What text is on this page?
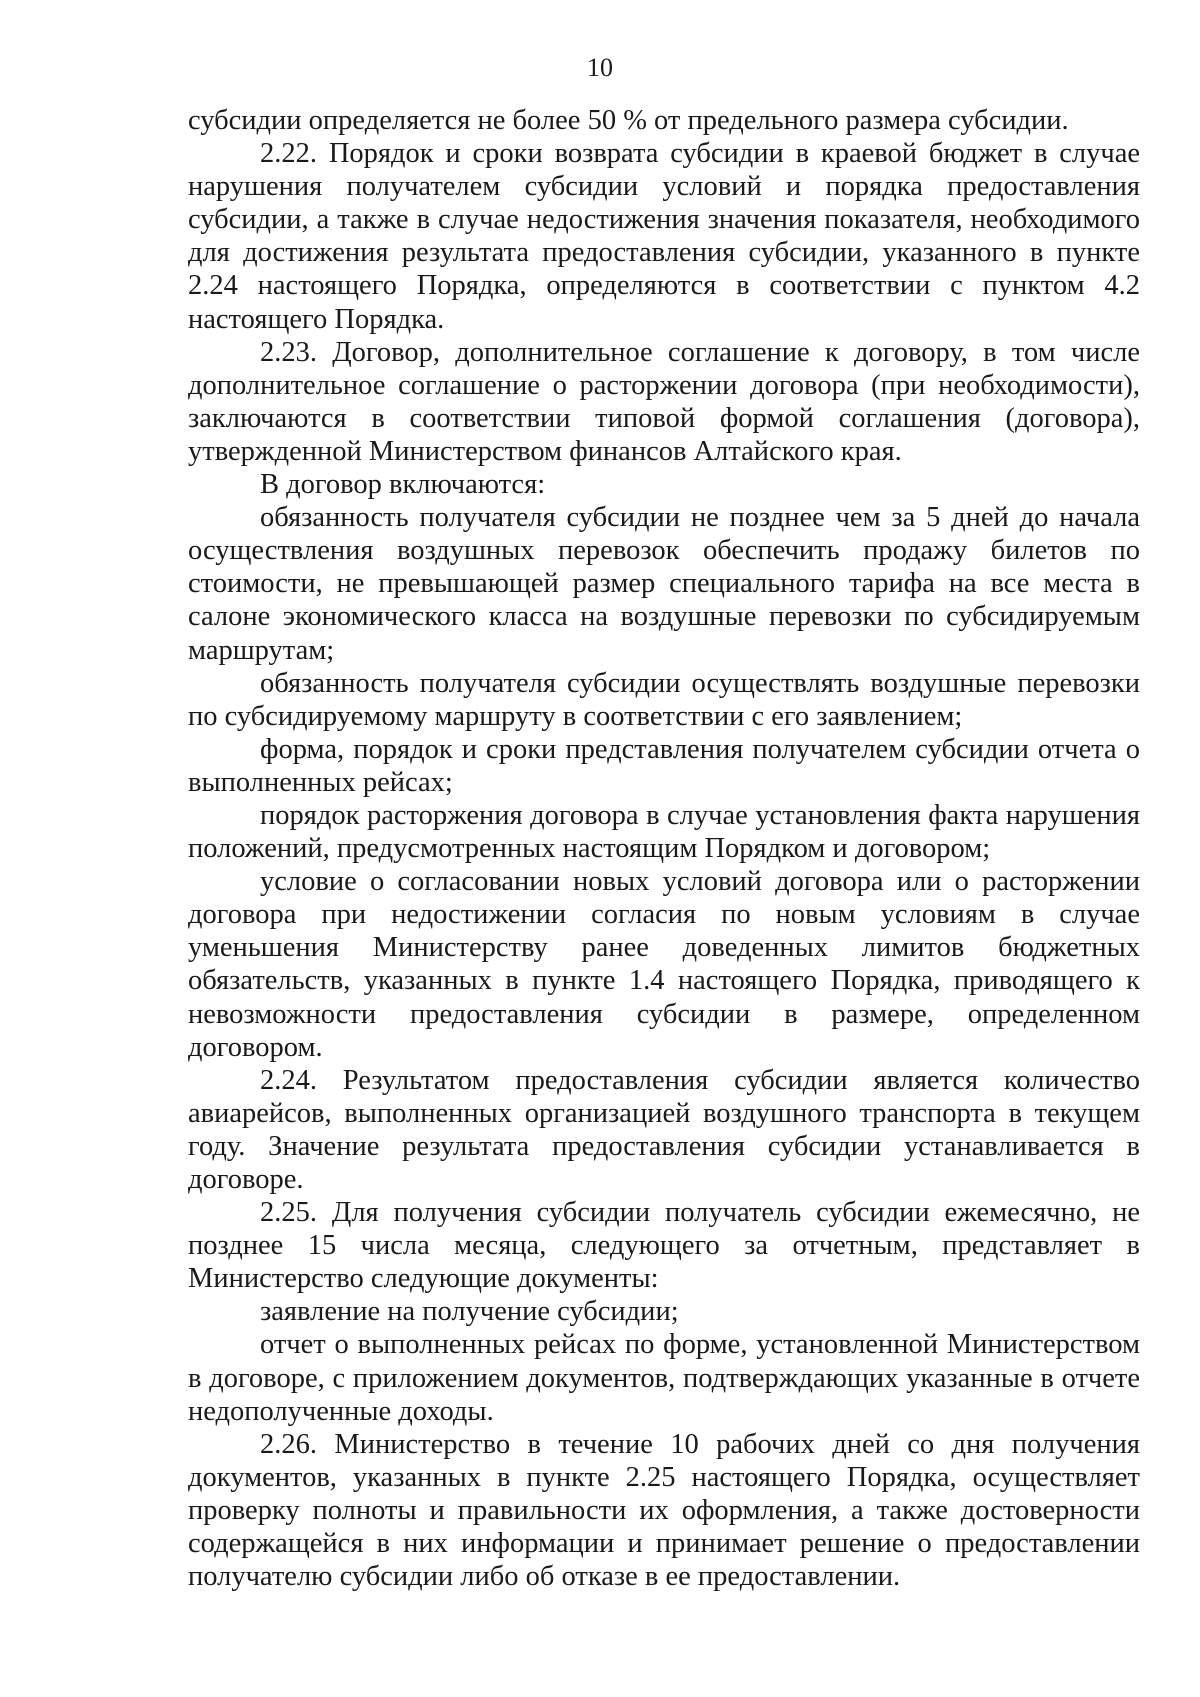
10

субсидии определяется не более 50 % от предельного размера субсидии.

2.22. Порядок и сроки возврата субсидии в краевой бюджет в случае нарушения получателем субсидии условий и порядка предоставления субсидии, а также в случае недостижения значения показателя, необходимого для достижения результата предоставления субсидии, указанного в пункте 2.24 настоящего Порядка, определяются в соответствии с пунктом 4.2 настоящего Порядка.

2.23. Договор, дополнительное соглашение к договору, в том числе дополнительное соглашение о расторжении договора (при необходимости), заключаются в соответствии типовой формой соглашения (договора), утвержденной Министерством финансов Алтайского края.

В договор включаются:

обязанность получателя субсидии не позднее чем за 5 дней до начала осуществления воздушных перевозок обеспечить продажу билетов по стоимости, не превышающей размер специального тарифа на все места в салоне экономического класса на воздушные перевозки по субсидируемым маршрутам;

обязанность получателя субсидии осуществлять воздушные перевозки по субсидируемому маршруту в соответствии с его заявлением;

форма, порядок и сроки представления получателем субсидии отчета о выполненных рейсах;

порядок расторжения договора в случае установления факта нарушения положений, предусмотренных настоящим Порядком и договором;

условие о согласовании новых условий договора или о расторжении договора при недостижении согласия по новым условиям в случае уменьшения Министерству ранее доведенных лимитов бюджетных обязательств, указанных в пункте 1.4 настоящего Порядка, приводящего к невозможности предоставления субсидии в размере, определенном договором.

2.24. Результатом предоставления субсидии является количество авиарейсов, выполненных организацией воздушного транспорта в текущем году. Значение результата предоставления субсидии устанавливается в договоре.

2.25. Для получения субсидии получатель субсидии ежемесячно, не позднее 15 числа месяца, следующего за отчетным, представляет в Министерство следующие документы:

заявление на получение субсидии;

отчет о выполненных рейсах по форме, установленной Министерством в договоре, с приложением документов, подтверждающих указанные в отчете недополученные доходы.

2.26. Министерство в течение 10 рабочих дней со дня получения документов, указанных в пункте 2.25 настоящего Порядка, осуществляет проверку полноты и правильности их оформления, а также достоверности содержащейся в них информации и принимает решение о предоставлении получателю субсидии либо об отказе в ее предоставлении.
